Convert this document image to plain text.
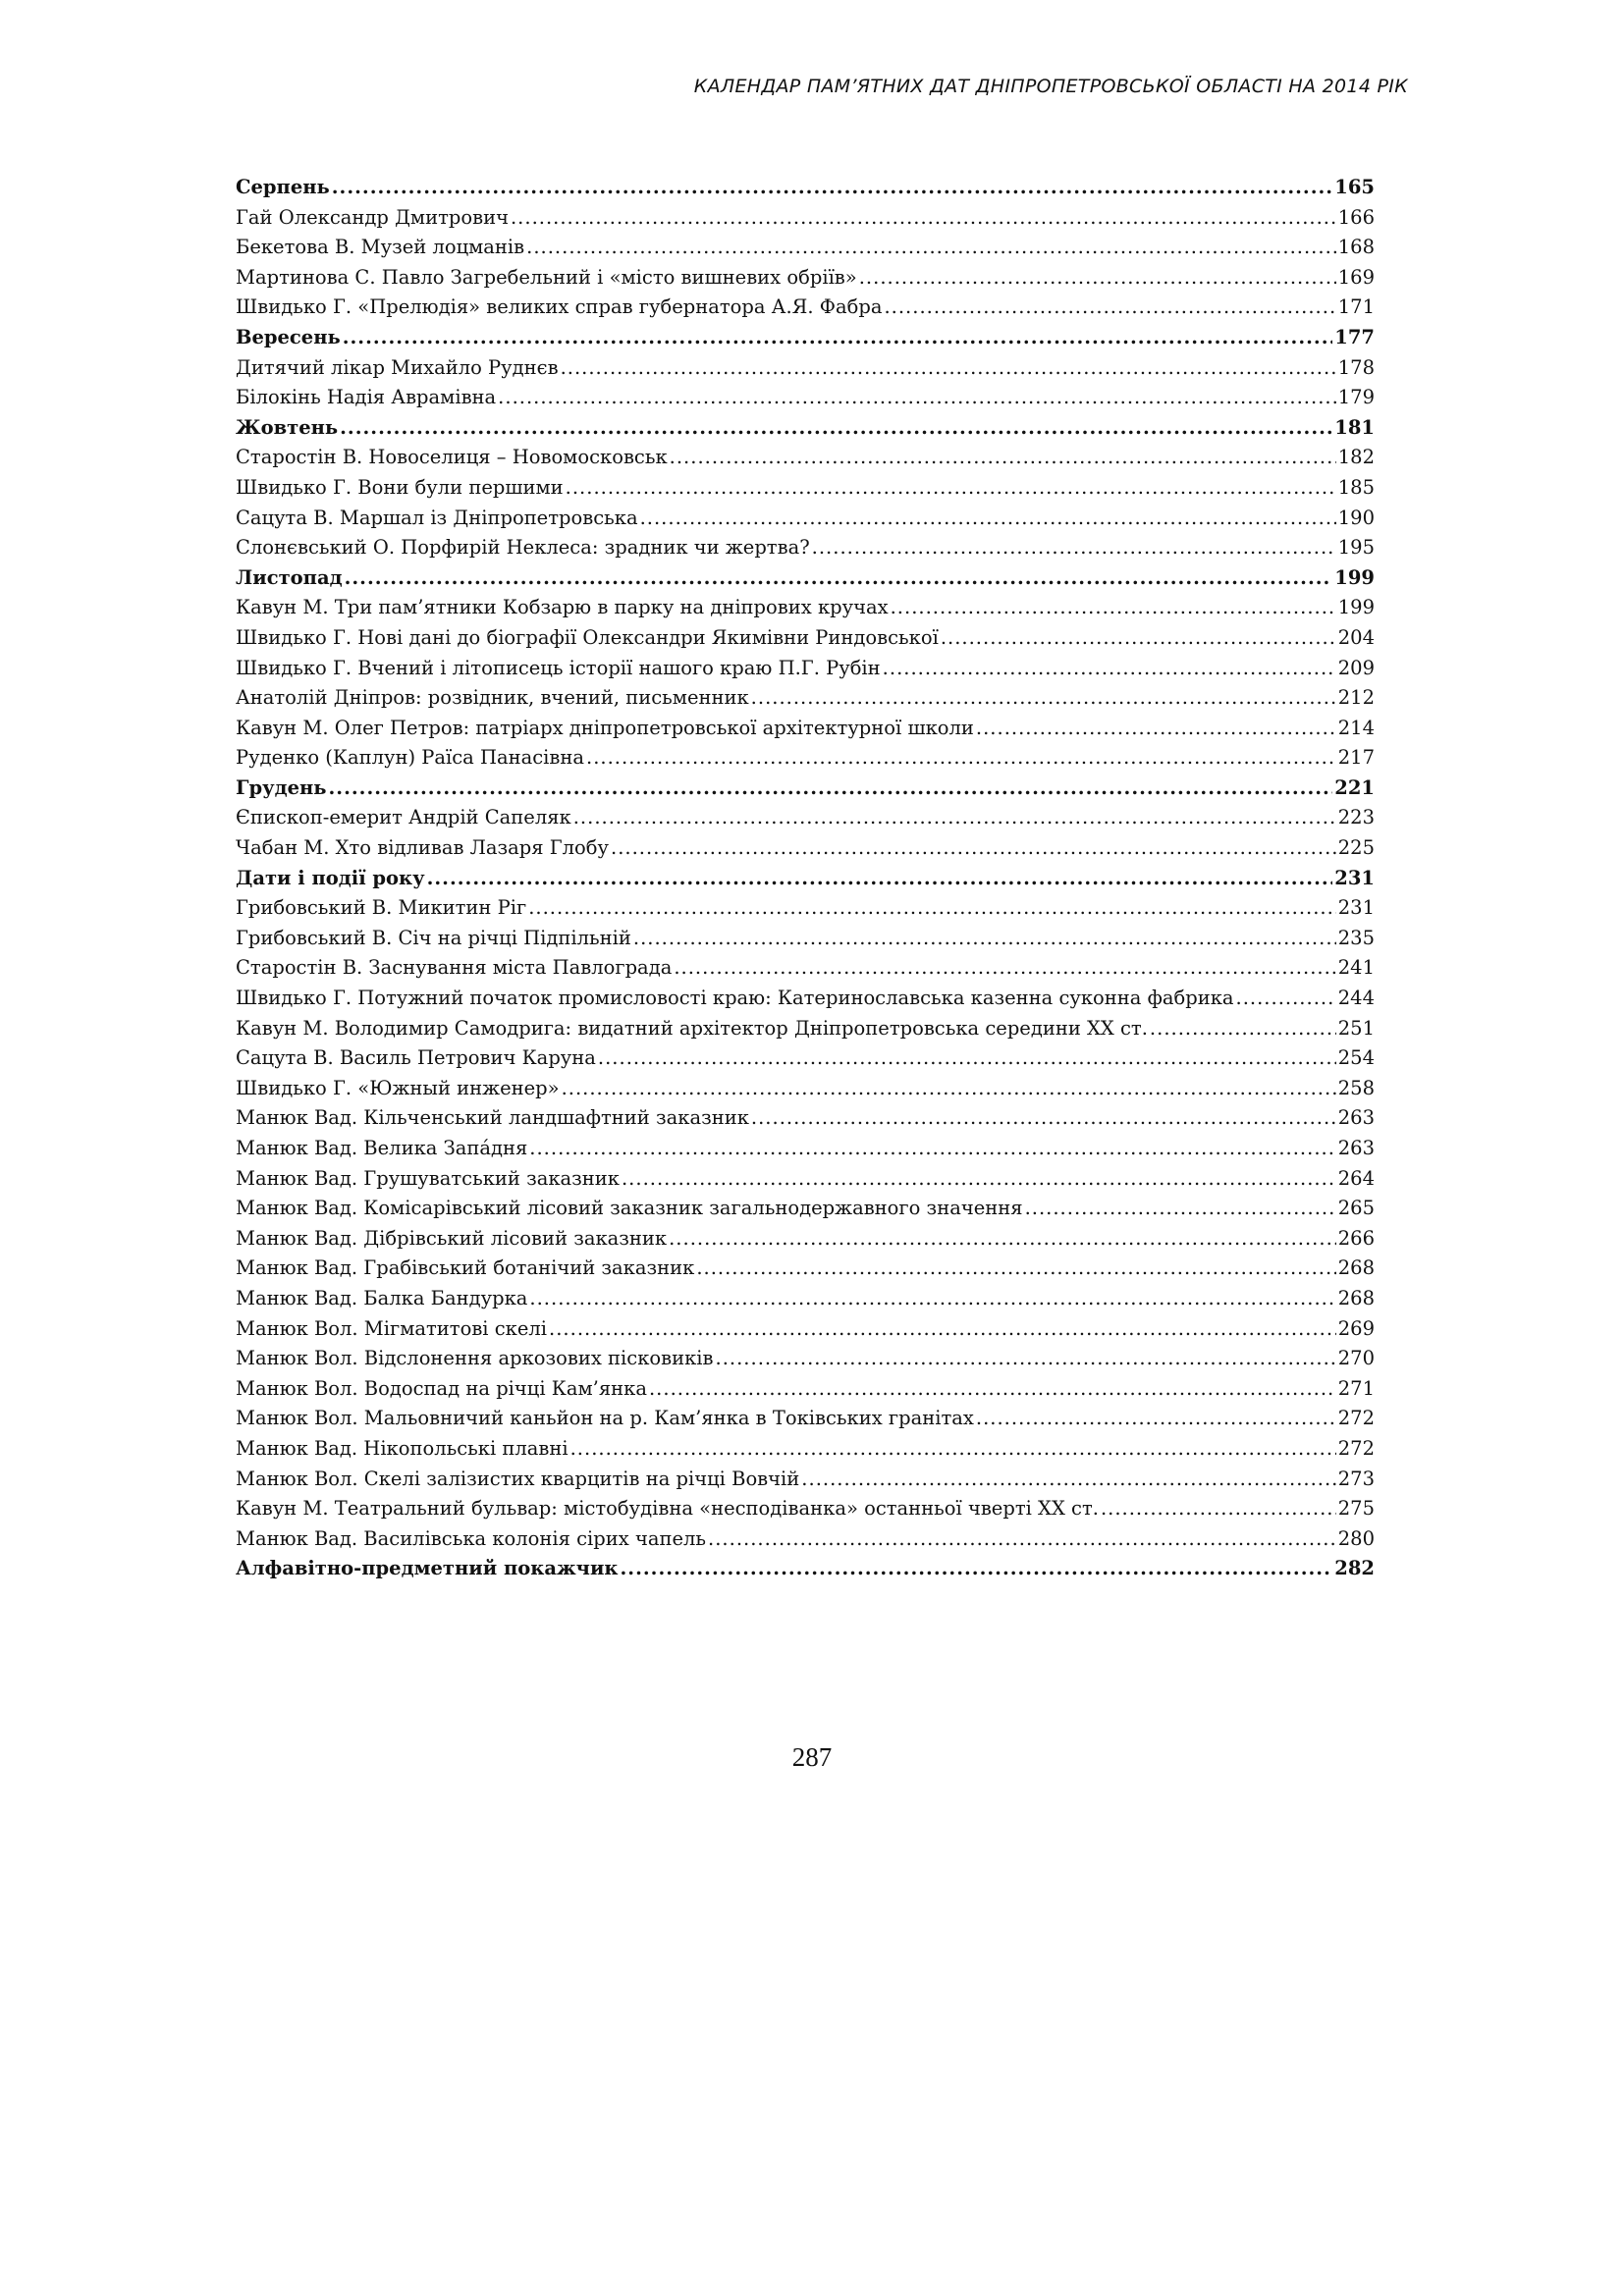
КАЛЕНДАР ПАМ’ЯТНИХ ДАТ ДНІПРОПЕТРОВСЬКОЇ ОБЛАСТІ НА 2014 РІК
Серпень .....	165
Гай Олександр Дмитрович .....	166
Бекетова В. Музей лоцманів .....	168
Мартинова С. Павло Загребельний і «місто вишневих обріїв» .....	169
Швидько Г. «Прелюдія» великих справ губернатора А.Я. Фабра .....	171
Вересень .....	177
Дитячий лікар Михайло Руднєв .....	178
Білокінь Надія Аврамівна .....	179
Жовтень .....	181
Старостін В. Новоселиця – Новомосковськ .....	182
Швидько Г. Вони були першими .....	185
Сацута В. Маршал із Дніпропетровська .....	190
Слонєвський О. Порфирій Неклеса: зрадник чи жертва? .....	195
Листопад .....	199
Кавун М. Три пам’ятники Кобзарю в парку на дніпрових кручах .....	199
Швидько Г. Нові дані до біографії Олександри Якимівни Риндовської .....	204
Швидько Г. Вчений і літописець історії нашого краю П.Г. Рубін .....	209
Анатолій Дніпров: розвідник, вчений, письменник .....	212
Кавун М. Олег Петров: патріарх дніпропетровської архітектурної школи .....	214
Руденко (Каплун) Раїса Панасівна .....	217
Грудень .....	221
Єпископ-емерит Андрій Сапеляк .....	223
Чабан М. Хто відливав Лазаря Глобу .....	225
Дати і події року .....	231
Грибовський В. Микитин Ріг .....	231
Грибовський В. Січ на річці Підпільній .....	235
Старостін В. Заснування міста Павлограда .....	241
Швидько Г. Потужний початок промисловості краю: Катеринославська казенна суконна фабрика .....	244
Кавун М. Володимир Самодрига: видатний архітектор Дніпропетровська середини XX ст. .....	251
Сацута В. Василь Петрович Каруна .....	254
Швидько Г. «Южный инженер» .....	258
Манюк Вад. Кільченський ландшафтний заказник .....	263
Манюк Вад. Велика Запáдня .....	263
Манюк Вад. Грушуватський заказник .....	264
Манюк Вад. Комісарівський лісовий заказник загальнодержавного значення .....	265
Манюк Вад. Дібрівський лісовий заказник .....	266
Манюк Вад. Грабівський ботанічий заказник .....	268
Манюк Вад. Балка Бандурка .....	268
Манюк Вол. Мігматитові скелі .....	269
Манюк Вол. Відслонення аркозових пісковиків .....	270
Манюк Вол. Водоспад на річці Кам’янка .....	271
Манюк Вол. Мальовничий каньйон на р. Кам’янка в Токівських гранітах .....	272
Манюк Вад. Нікопольські плавні .....	272
Манюк Вол. Скелі залізистих кварцитів на річці Вовчій .....	273
Кавун М. Театральний бульвар: містобудівна «несподіванка» останньої чверті XX ст. .....	275
Манюк Вад. Василівська колонія сірих чапель .....	280
Алфавітно-предметний покажчик .....	282
287
